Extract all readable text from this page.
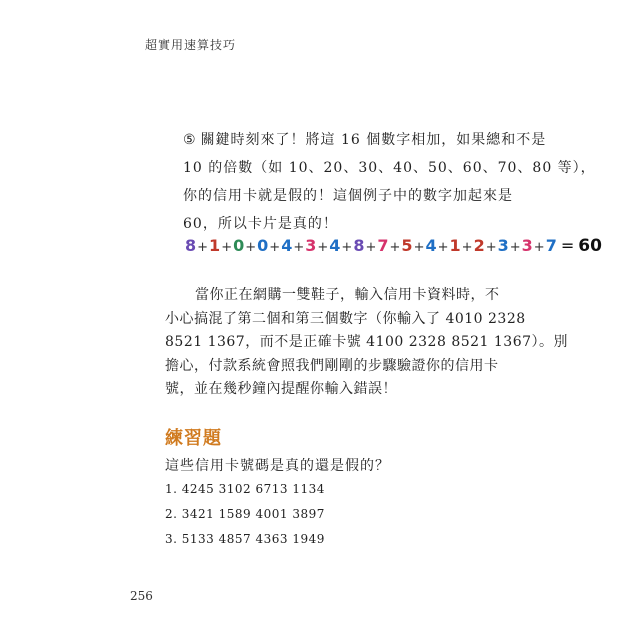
超實用速算技巧
⑤ 關鍵時刻來了！將這 16 個數字相加，如果總和不是
10 的倍數（如 10、20、30、40、50、60、70、80 等），
你的信用卡就是假的！這個例子中的數字加起來是
60，所以卡片是真的！
8+1+0+0+4+3+4+8+7+5+4+1+2+3+3+7 = 60
當你正在網購一雙鞋子，輸入信用卡資料時，不
小心搞混了第二個和第三個數字（你輸入了 4010 2328
8521 1367，而不是正確卡號 4100 2328 8521 1367）。別
擔心，付款系統會照我們剛剛的步驟驗證你的信用卡
號，並在幾秒鐘內提醒你輸入錯誤！
練習題
這些信用卡號碼是真的還是假的？
1. 4245 3102 6713 1134
2. 3421 1589 4001 3897
3. 5133 4857 4363 1949
256
